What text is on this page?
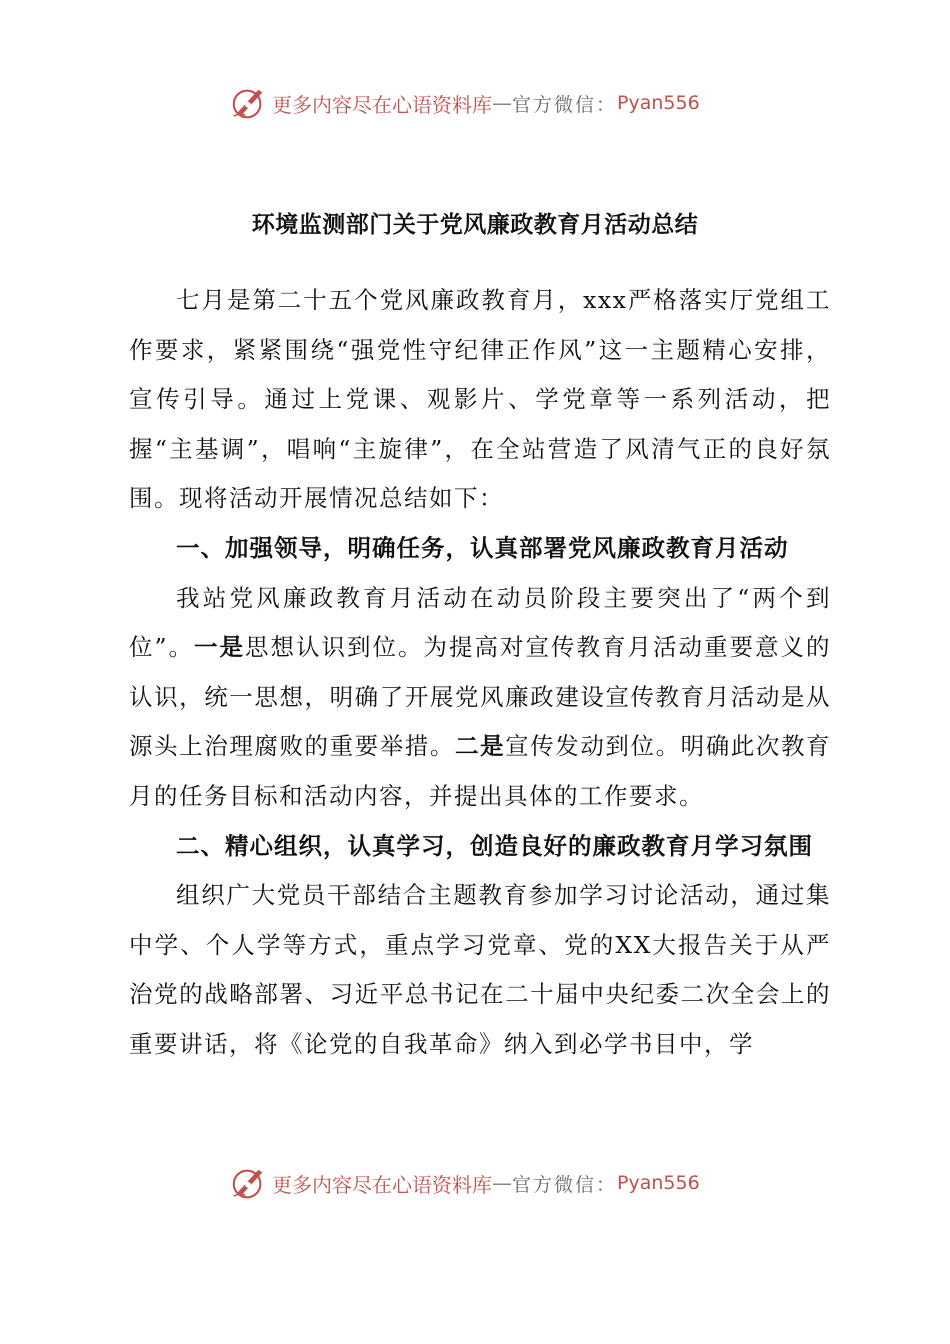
更多内容尽在心语资料库 — 官方微信： Pyan556
环境监测部门关于党风廉政教育月活动总结

七月是第二十五个党风廉政教育月，xxx严格落实厅党组工作要求，紧紧围绕“强党性守纪律正作风”这一主题精心安排，宣传引导。通过上党课、观影片、学党章等一系列活动，把握“主基调”，唱响“主旋律”，在全站营造了风清气正的良好氛围。现将活动开展情况总结如下：

一、加强领导，明确任务，认真部署党风廉政教育月活动

我站党风廉政教育月活动在动员阶段主要突出了“两个到位”。一是思想认识到位。为提高对宣传教育月活动重要意义的认识，统一思想，明确了开展党风廉政建设宣传教育月活动是从源头上治理腐败的重要举措。二是宣传发动到位。明确此次教育月的任务目标和活动内容，并提出具体的工作要求。

二、精心组织，认真学习，创造良好的廉政教育月学习氛围

组织广大党员干部结合主题教育参加学习讨论活动，通过集中学、个人学等方式，重点学习党章、党的XX大报告关于从严治党的战略部署、习近平总书记在二十届中央纪委二次全会上的重要讲话，将《论党的自我革命》纳入到必学书目中，学

更多内容尽在心语资料库 — 官方微信： Pyan556
